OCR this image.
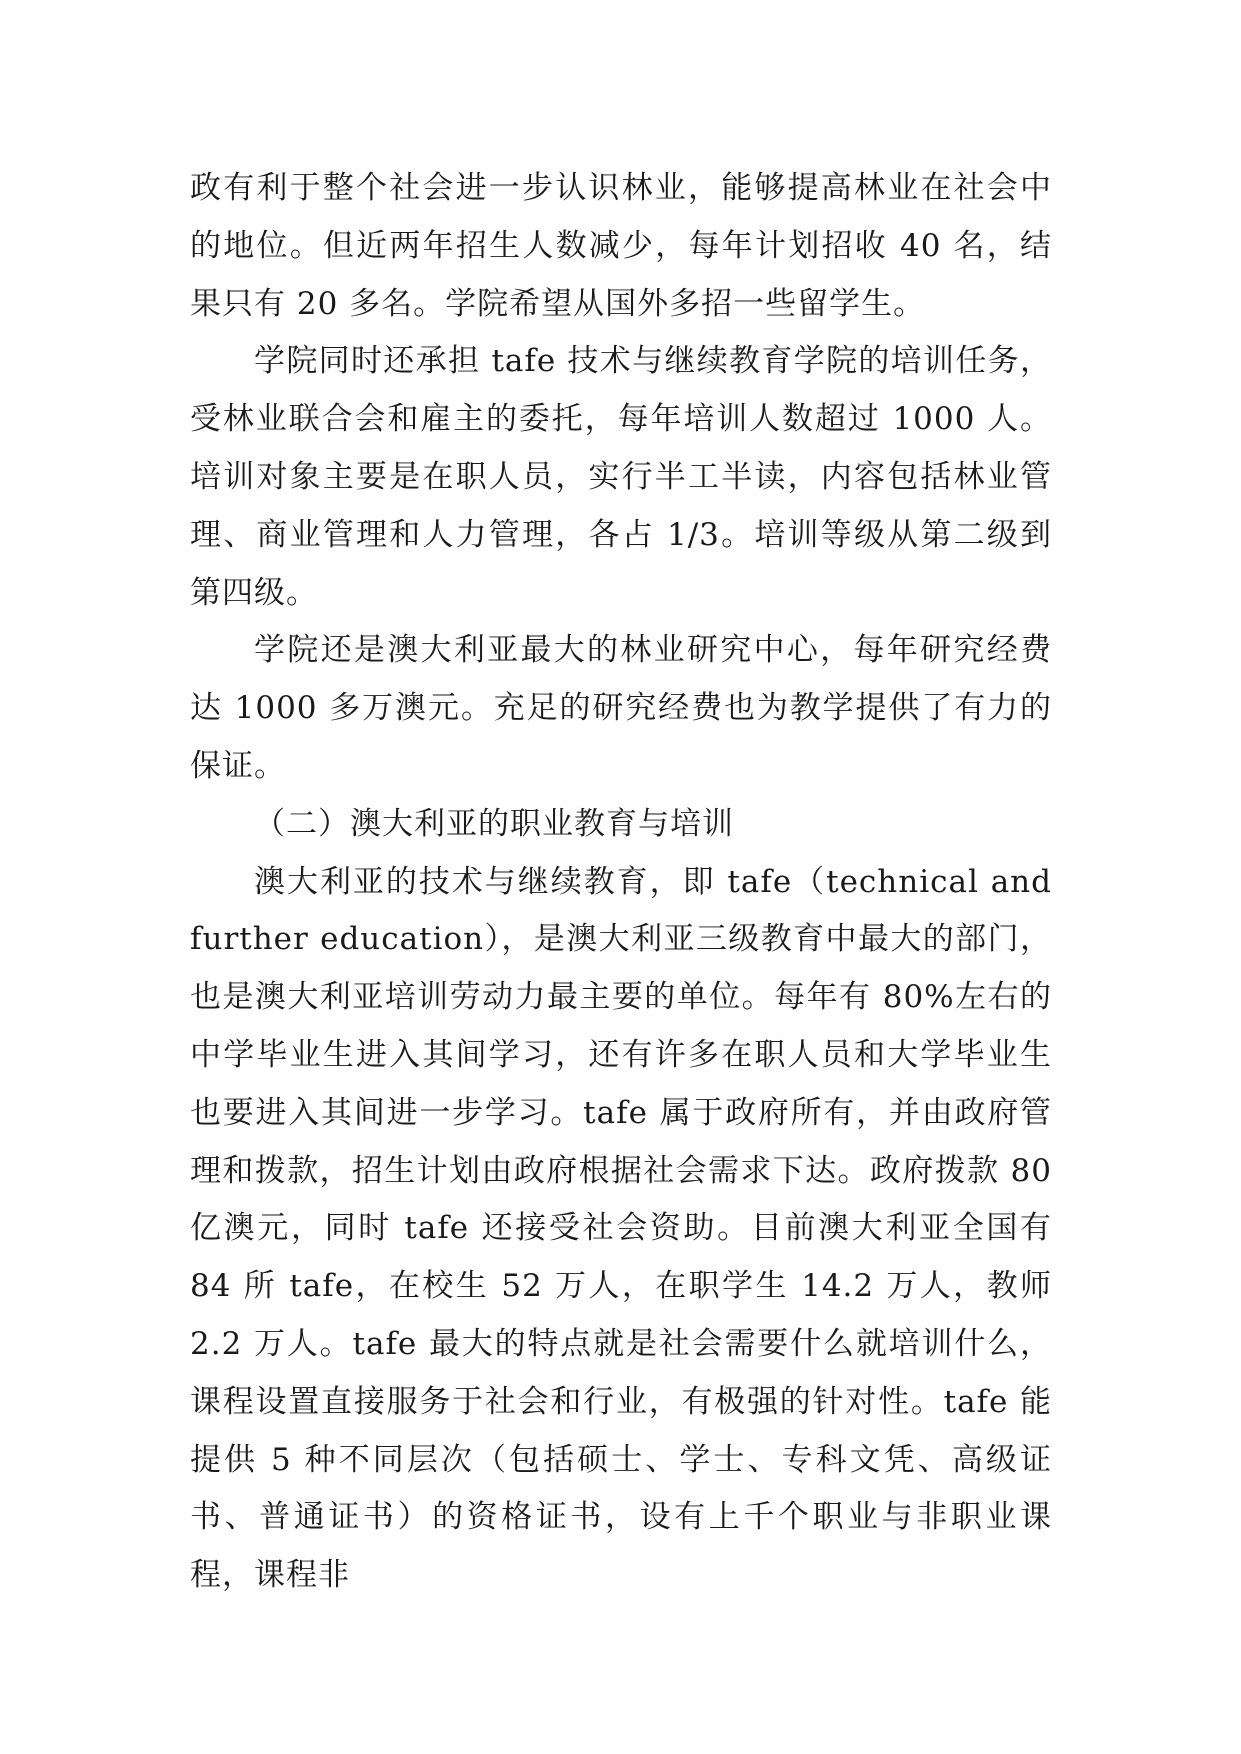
政有利于整个社会进一步认识林业，能够提高林业在社会中的地位。但近两年招生人数减少，每年计划招收 40 名，结果只有 20 多名。学院希望从国外多招一些留学生。

学院同时还承担 tafe 技术与继续教育学院的培训任务，受林业联合会和雇主的委托，每年培训人数超过 1000 人。培训对象主要是在职人员，实行半工半读，内容包括林业管理、商业管理和人力管理，各占 1/3。培训等级从第二级到第四级。

学院还是澳大利亚最大的林业研究中心，每年研究经费达 1000 多万澳元。充足的研究经费也为教学提供了有力的保证。

（二）澳大利亚的职业教育与培训

澳大利亚的技术与继续教育，即 tafe（technical and further education），是澳大利亚三级教育中最大的部门，也是澳大利亚培训劳动力最主要的单位。每年有 80%左右的中学毕业生进入其间学习，还有许多在职人员和大学毕业生也要进入其间进一步学习。tafe 属于政府所有，并由政府管理和拨款，招生计划由政府根据社会需求下达。政府拨款 80 亿澳元，同时 tafe 还接受社会资助。目前澳大利亚全国有 84 所 tafe，在校生 52 万人，在职学生 14.2 万人，教师 2.2 万人。tafe 最大的特点就是社会需要什么就培训什么，课程设置直接服务于社会和行业，有极强的针对性。tafe 能提供 5 种不同层次（包括硕士、学士、专科文凭、高级证书、普通证书）的资格证书，设有上千个职业与非职业课程，课程非
